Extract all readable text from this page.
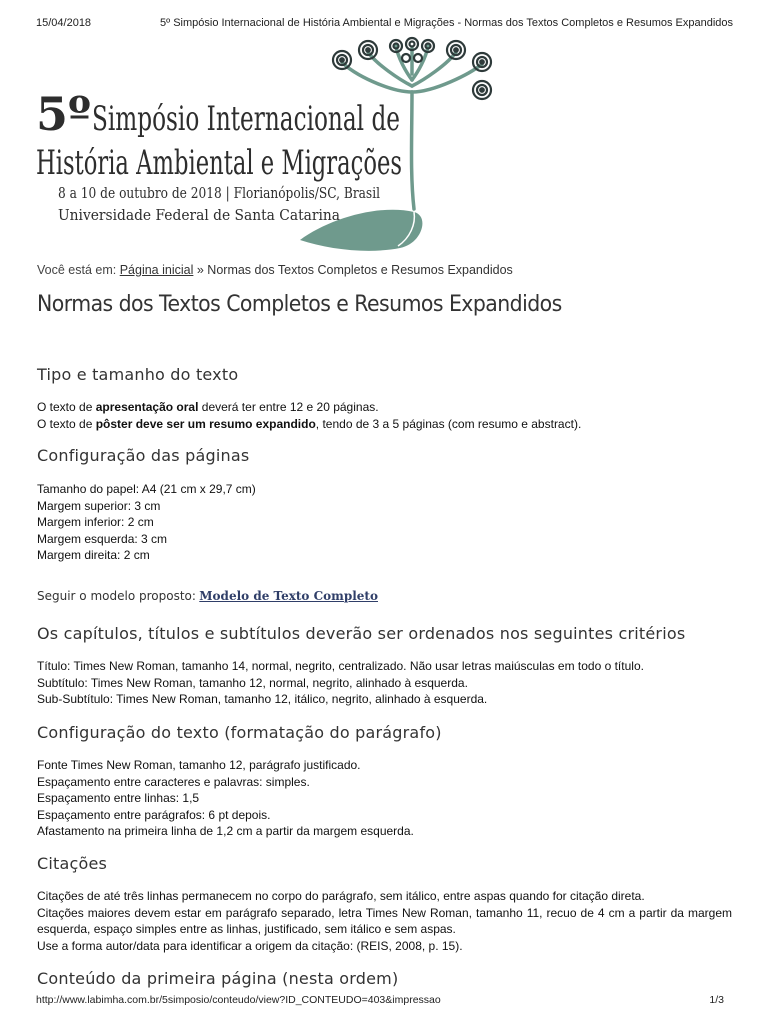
15/04/2018	5º Simpósio Internacional de História Ambiental e Migrações - Normas dos Textos Completos e Resumos Expandidos
5º Simpósio Internacional de
História Ambiental e Migrações
8 a 10 de outubro de 2018 | Florianópolis/SC, Brasil
Universidade Federal de Santa Catarina
Você está em: Página inicial » Normas dos Textos Completos e Resumos Expandidos
Normas dos Textos Completos e Resumos Expandidos
Tipo e tamanho do texto
O texto de apresentação oral deverá ter entre 12 e 20 páginas.
O texto de pôster deve ser um resumo expandido, tendo de 3 a 5 páginas (com resumo e abstract).
Configuração das páginas
Tamanho do papel: A4 (21 cm x 29,7 cm)
Margem superior: 3 cm
Margem inferior: 2 cm
Margem esquerda: 3 cm
Margem direita: 2 cm
Seguir o modelo proposto: Modelo de Texto Completo
Os capítulos, títulos e subtítulos deverão ser ordenados nos seguintes critérios
Título: Times New Roman, tamanho 14, normal, negrito, centralizado. Não usar letras maiúsculas em todo o título.
Subtítulo: Times New Roman, tamanho 12, normal, negrito, alinhado à esquerda.
Sub-Subtítulo: Times New Roman, tamanho 12, itálico, negrito, alinhado à esquerda.
Configuração do texto (formatação do parágrafo)
Fonte Times New Roman, tamanho 12, parágrafo justificado.
Espaçamento entre caracteres e palavras: simples.
Espaçamento entre linhas: 1,5
Espaçamento entre parágrafos: 6 pt depois.
Afastamento na primeira linha de 1,2 cm a partir da margem esquerda.
Citações
Citações de até três linhas permanecem no corpo do parágrafo, sem itálico, entre aspas quando for citação direta.
Citações maiores devem estar em parágrafo separado, letra Times New Roman, tamanho 11, recuo de 4 cm a partir da margem esquerda, espaço simples entre as linhas, justificado, sem itálico e sem aspas.
Use a forma autor/data para identificar a origem da citação: (REIS, 2008, p. 15).
Conteúdo da primeira página (nesta ordem)
http://www.labimha.com.br/5simposio/conteudo/view?ID_CONTEUDO=403&impressao	1/3
